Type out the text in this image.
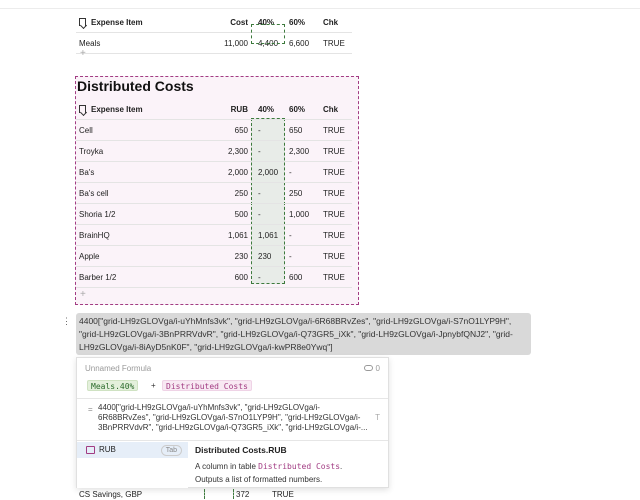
Expense Item	Cost	40%	60%	Chk
Meals	11,000	4,400	6,600	TRUE
+
Distributed Costs
Expense Item	RUB	40%	60%	Chk
Cell	650	-	650	TRUE
Troyka	2,300	-	2,300	TRUE
Ba's	2,000	2,000	-	TRUE
Ba's cell	250	-	250	TRUE
Shoria 1/2	500	-	1,000	TRUE
BrainHQ	1,061	1,061	-	TRUE
Apple	230	230	-	TRUE
Barber 1/2	600	-	600	TRUE
+
⋮ 4400["grid-LH9zGLOVga/i-uYhMnfs3vk", "grid-LH9zGLOVga/i-6R68BRvZes", "grid-LH9zGLOVga/i-S7nO1LYP9H", "grid-LH9zGLOVga/i-3BnPRRVdvR", "grid-LH9zGLOVga/i-Q73GR5_iXk", "grid-LH9zGLOVga/i-JpnybfQNJ2", "grid-LH9zGLOVga/i-8iAyD5nK0F", "grid-LH9zGLOVga/i-kwPR8e0Ywq"]
Unnamed Formula	0
Meals.40%	+	Distributed Costs
= 4400["grid-LH9zGLOVga/i-uYhMnfs3vk", "grid-LH9zGLOVga/i-6R68BRvZes", "grid-LH9zGLOVga/i-S7nO1LYP9H", "grid-LH9zGLOVga/i-3BnPRRVdvR", "grid-LH9zGLOVga/i-Q73GR5_iXk", "grid-LH9zGLOVga/i-...
T
RUB	Tab	Distributed Costs.RUB
A column in table Distributed Costs.
Outputs a list of formatted numbers.
CS Savings, GBP	372	TRUE
